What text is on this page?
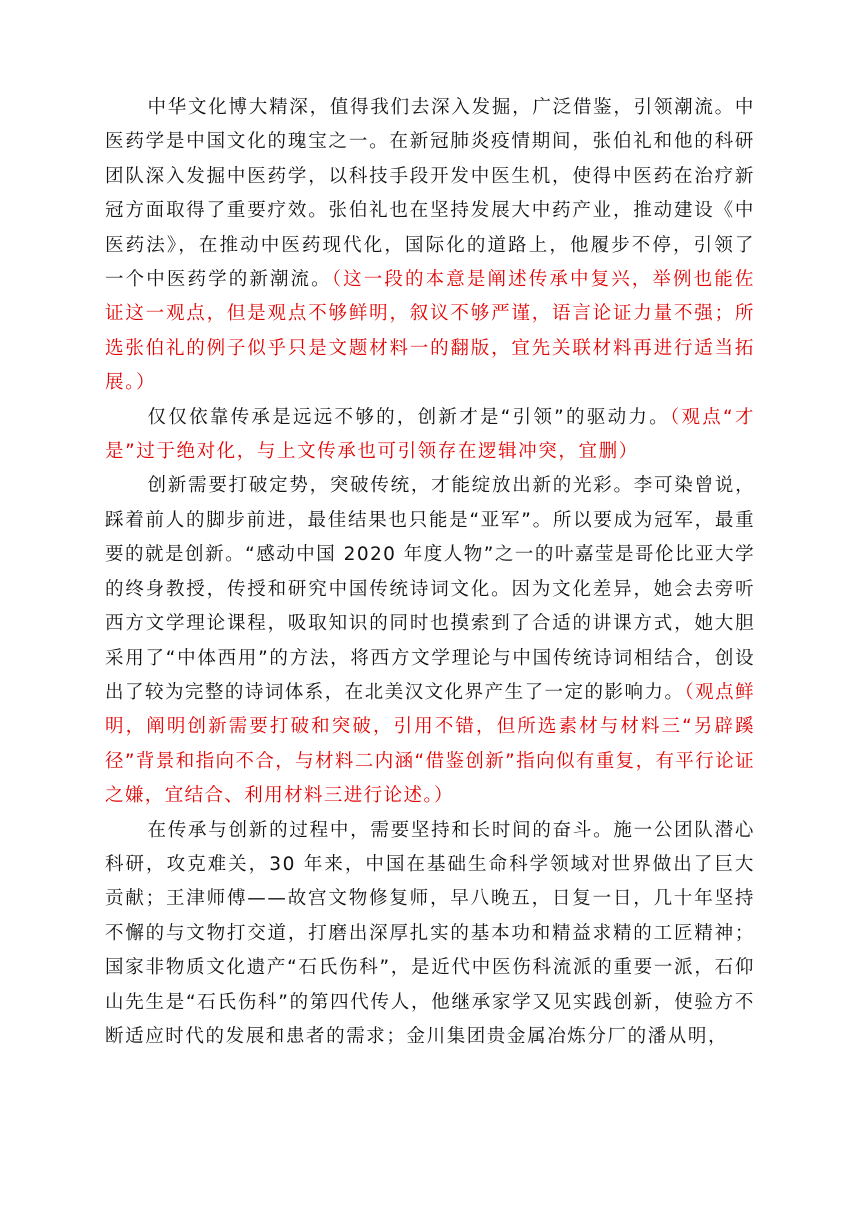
中华文化博大精深，值得我们去深入发掘，广泛借鉴，引领潮流。中医药学是中国文化的瑰宝之一。在新冠肺炎疫情期间，张伯礼和他的科研团队深入发掘中医药学，以科技手段开发中医生机，使得中医药在治疗新冠方面取得了重要疗效。张伯礼也在坚持发展大中药产业，推动建设《中医药法》，在推动中医药现代化，国际化的道路上，他履步不停，引领了一个中医药学的新潮流。（这一段的本意是阐述传承中复兴，举例也能佐证这一观点，但是观点不够鲜明，叙议不够严谨，语言论证力量不强；所选张伯礼的例子似乎只是文题材料一的翻版，宜先关联材料再进行适当拓展。）

仅仅依靠传承是远远不够的，创新才是“引领”的驱动力。（观点“才是”过于绝对化，与上文传承也可引领存在逻辑冲突，宜删）

创新需要打破定势，突破传统，才能绽放出新的光彩。李可染曾说，踩着前人的脚步前进，最佳结果也只能是“亚军”。所以要成为冠军，最重要的就是创新。“感动中国 2020 年度人物”之一的叶嘉莹是哥伦比亚大学的终身教授，传授和研究中国传统诗词文化。因为文化差异，她会去旁听西方文学理论课程，吸取知识的同时也摸索到了合适的讲课方式，她大胆采用了“中体西用”的方法，将西方文学理论与中国传统诗词相结合，创设出了较为完整的诗词体系，在北美汉文化界产生了一定的影响力。（观点鲜明，阐明创新需要打破和突破，引用不错，但所选素材与材料三“另辟蹊径”背景和指向不合，与材料二内涵“借鉴创新”指向似有重复，有平行论证之嫌，宜结合、利用材料三进行论述。）

在传承与创新的过程中，需要坚持和长时间的奋斗。施一公团队潜心科研，攻克难关，30 年来，中国在基础生命科学领域对世界做出了巨大贡献；王津师傅——故宫文物修复师，早八晚五，日复一日，几十年坚持不懈的与文物打交道，打磨出深厚扎实的基本功和精益求精的工匠精神；国家非物质文化遗产“石氏伤科”，是近代中医伤科流派的重要一派，石仰山先生是“石氏伤科”的第四代传人，他继承家学又见实践创新，使验方不断适应时代的发展和患者的需求；金川集团贵金属冶炼分厂的潘从明，
